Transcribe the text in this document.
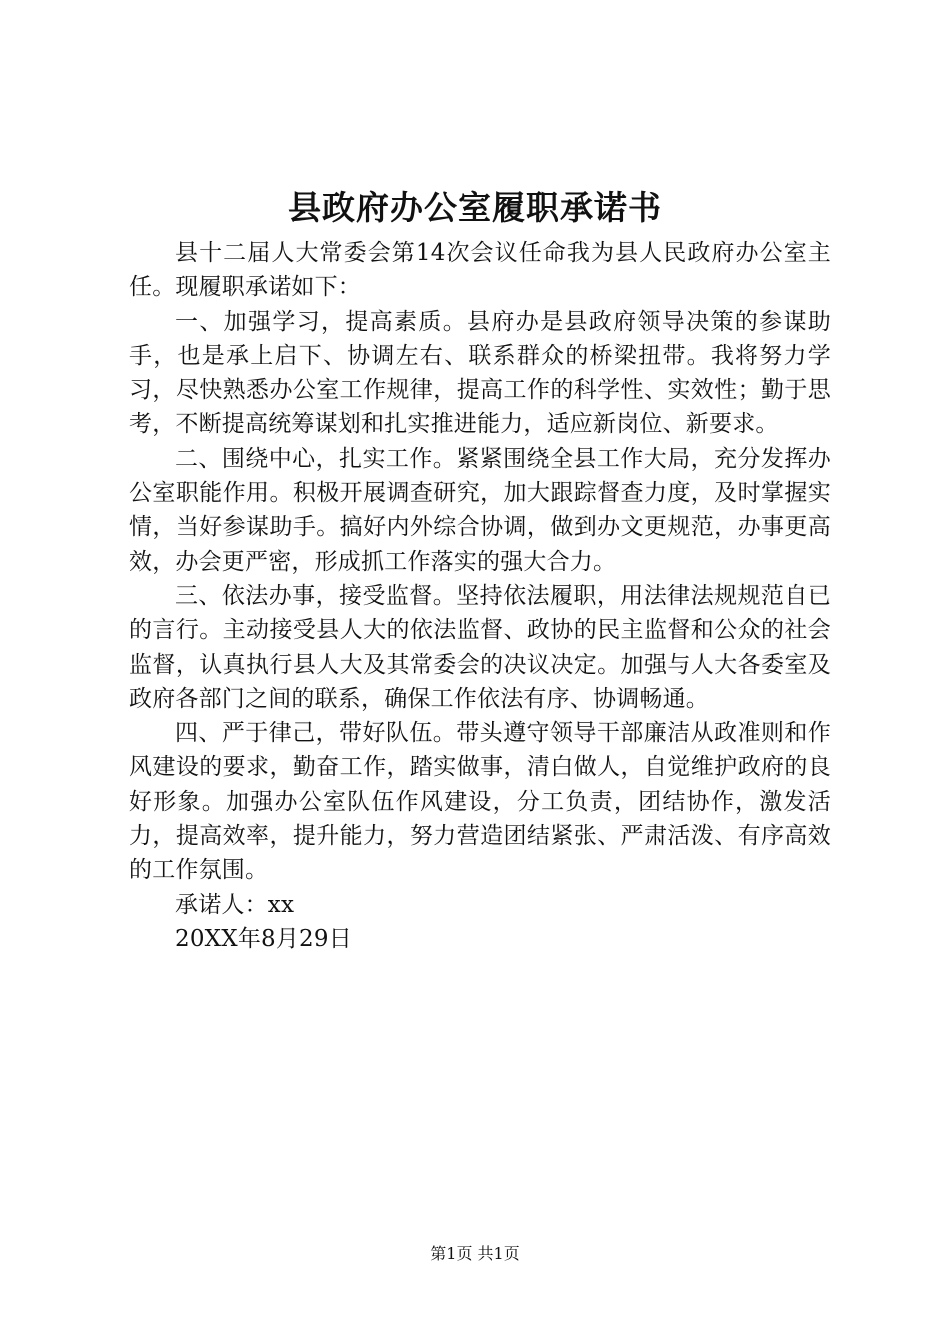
县政府办公室履职承诺书

县十二届人大常委会第14次会议任命我为县人民政府办公室主任。现履职承诺如下：

一、加强学习，提高素质。县府办是县政府领导决策的参谋助手，也是承上启下、协调左右、联系群众的桥梁扭带。我将努力学习，尽快熟悉办公室工作规律，提高工作的科学性、实效性；勤于思考，不断提高统筹谋划和扎实推进能力，适应新岗位、新要求。

二、围绕中心，扎实工作。紧紧围绕全县工作大局，充分发挥办公室职能作用。积极开展调查研究，加大跟踪督查力度，及时掌握实情，当好参谋助手。搞好内外综合协调，做到办文更规范，办事更高效，办会更严密，形成抓工作落实的强大合力。

三、依法办事，接受监督。坚持依法履职，用法律法规规范自已的言行。主动接受县人大的依法监督、政协的民主监督和公众的社会监督，认真执行县人大及其常委会的决议决定。加强与人大各委室及政府各部门之间的联系，确保工作依法有序、协调畅通。

四、严于律己，带好队伍。带头遵守领导干部廉洁从政准则和作风建设的要求，勤奋工作，踏实做事，清白做人，自觉维护政府的良好形象。加强办公室队伍作风建设，分工负责，团结协作，激发活力，提高效率，提升能力，努力营造团结紧张、严肃活泼、有序高效的工作氛围。

承诺人：xx

20XX年8月29日

第1页 共1页
